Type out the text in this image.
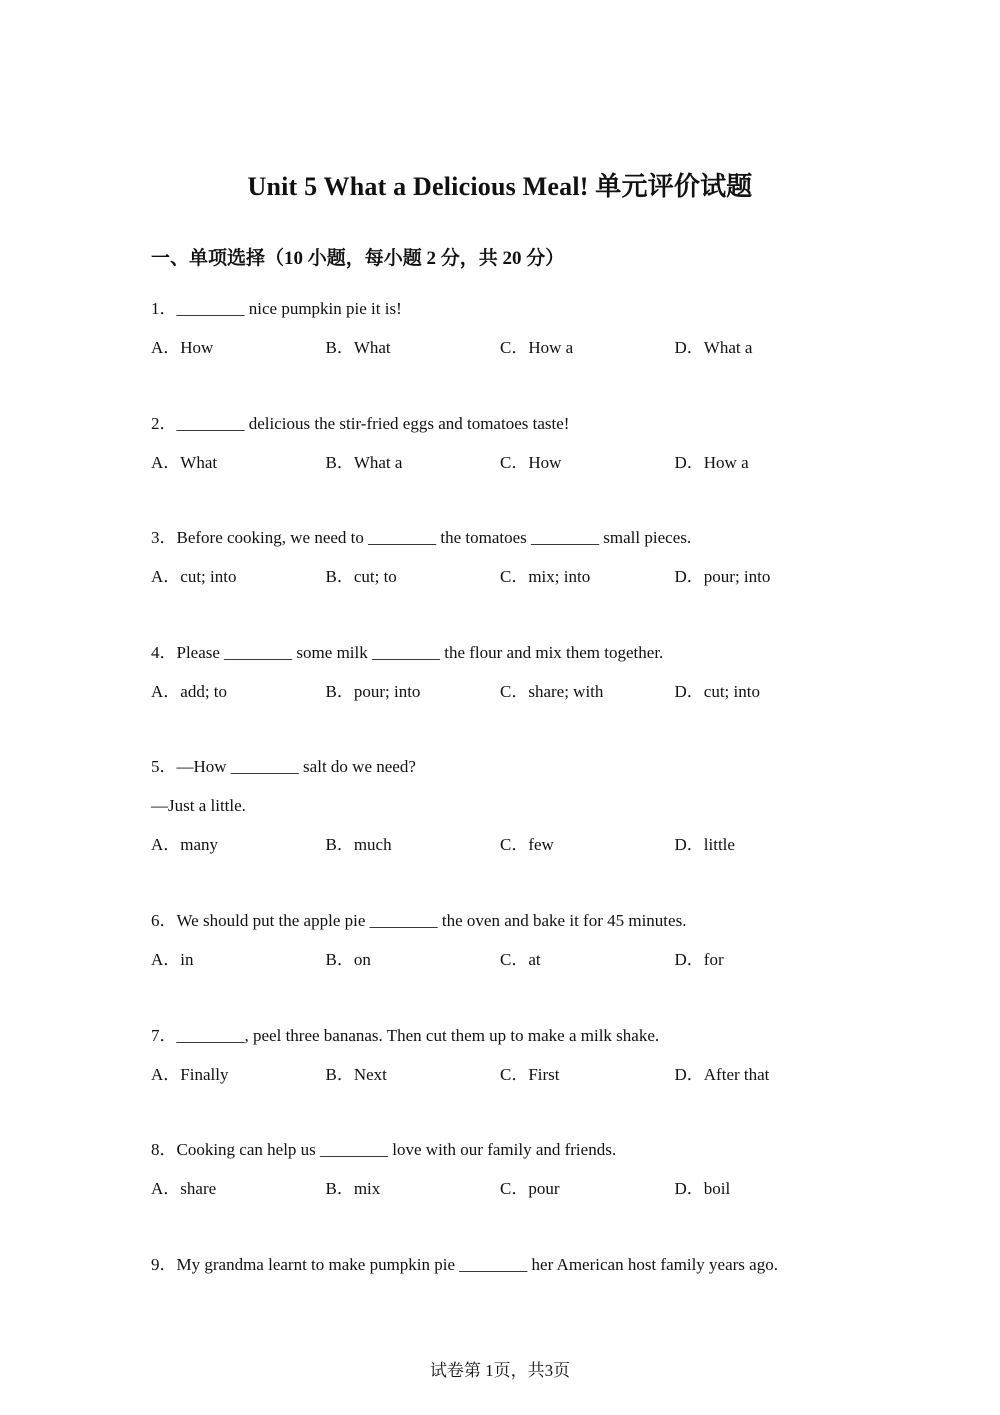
Unit 5 What a Delicious Meal! 单元评价试题
一、单项选择（10 小题，每小题 2 分，共 20 分）
1．________ nice pumpkin pie it is!
A．How	B．What	C．How a	D．What a
2．________ delicious the stir-fried eggs and tomatoes taste!
A．What	B．What a	C．How	D．How a
3．Before cooking, we need to ________ the tomatoes ________ small pieces.
A．cut; into	B．cut; to	C．mix; into	D．pour; into
4．Please ________ some milk ________ the flour and mix them together.
A．add; to	B．pour; into	C．share; with	D．cut; into
5．—How ________ salt do we need?
—Just a little.
A．many	B．much	C．few	D．little
6．We should put the apple pie ________ the oven and bake it for 45 minutes.
A．in	B．on	C．at	D．for
7．________, peel three bananas. Then cut them up to make a milk shake.
A．Finally	B．Next	C．First	D．After that
8．Cooking can help us ________ love with our family and friends.
A．share	B．mix	C．pour	D．boil
9．My grandma learnt to make pumpkin pie ________ her American host family years ago.
试卷第 1页，共3页
